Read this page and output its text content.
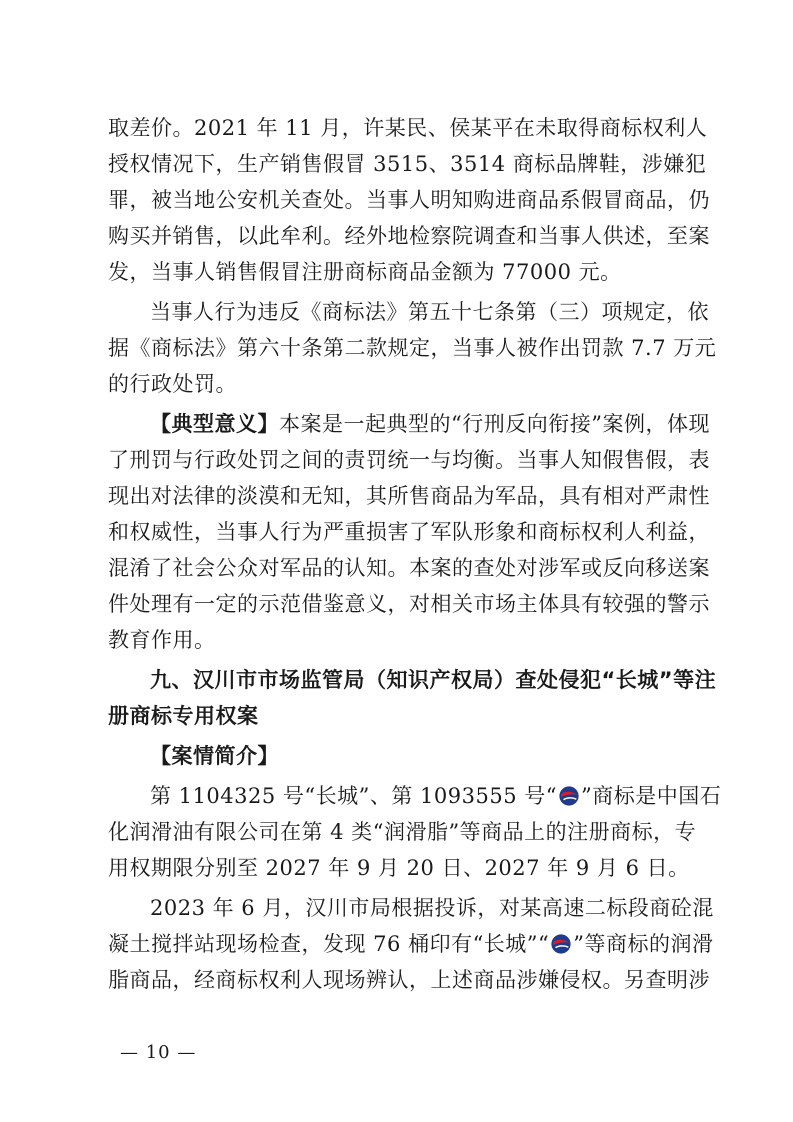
取差价。2021 年 11 月，许某民、侯某平在未取得商标权利人
授权情况下，生产销售假冒 3515、3514 商标品牌鞋，涉嫌犯
罪，被当地公安机关查处。当事人明知购进商品系假冒商品，仍
购买并销售，以此牟利。经外地检察院调查和当事人供述，至案
发，当事人销售假冒注册商标商品金额为 77000 元。
当事人行为违反《商标法》第五十七条第（三）项规定，依
据《商标法》第六十条第二款规定，当事人被作出罚款 7.7 万元
的行政处罚。
【典型意义】本案是一起典型的“行刑反向衔接”案例，体现
了刑罚与行政处罚之间的责罚统一与均衡。当事人知假售假，表
现出对法律的淡漠和无知，其所售商品为军品，具有相对严肃性
和权威性，当事人行为严重损害了军队形象和商标权利人利益，
混淆了社会公众对军品的认知。本案的查处对涉军或反向移送案
件处理有一定的示范借鉴意义，对相关市场主体具有较强的警示
教育作用。
九、汉川市市场监管局（知识产权局）查处侵犯“长城”等注
册商标专用权案
【案情简介】
第 1104325 号“长城”、第 1093555 号“ ”商标是中国石
化润滑油有限公司在第 4 类“润滑脂”等商品上的注册商标，专
用权期限分别至 2027 年 9 月 20 日、2027 年 9 月 6 日。
2023 年 6 月，汉川市局根据投诉，对某高速二标段商砼混
凝土搅拌站现场检查，发现 76 桶印有“长城”“ ”等商标的润滑
脂商品，经商标权利人现场辨认，上述商品涉嫌侵权。另查明涉
— 10 —
